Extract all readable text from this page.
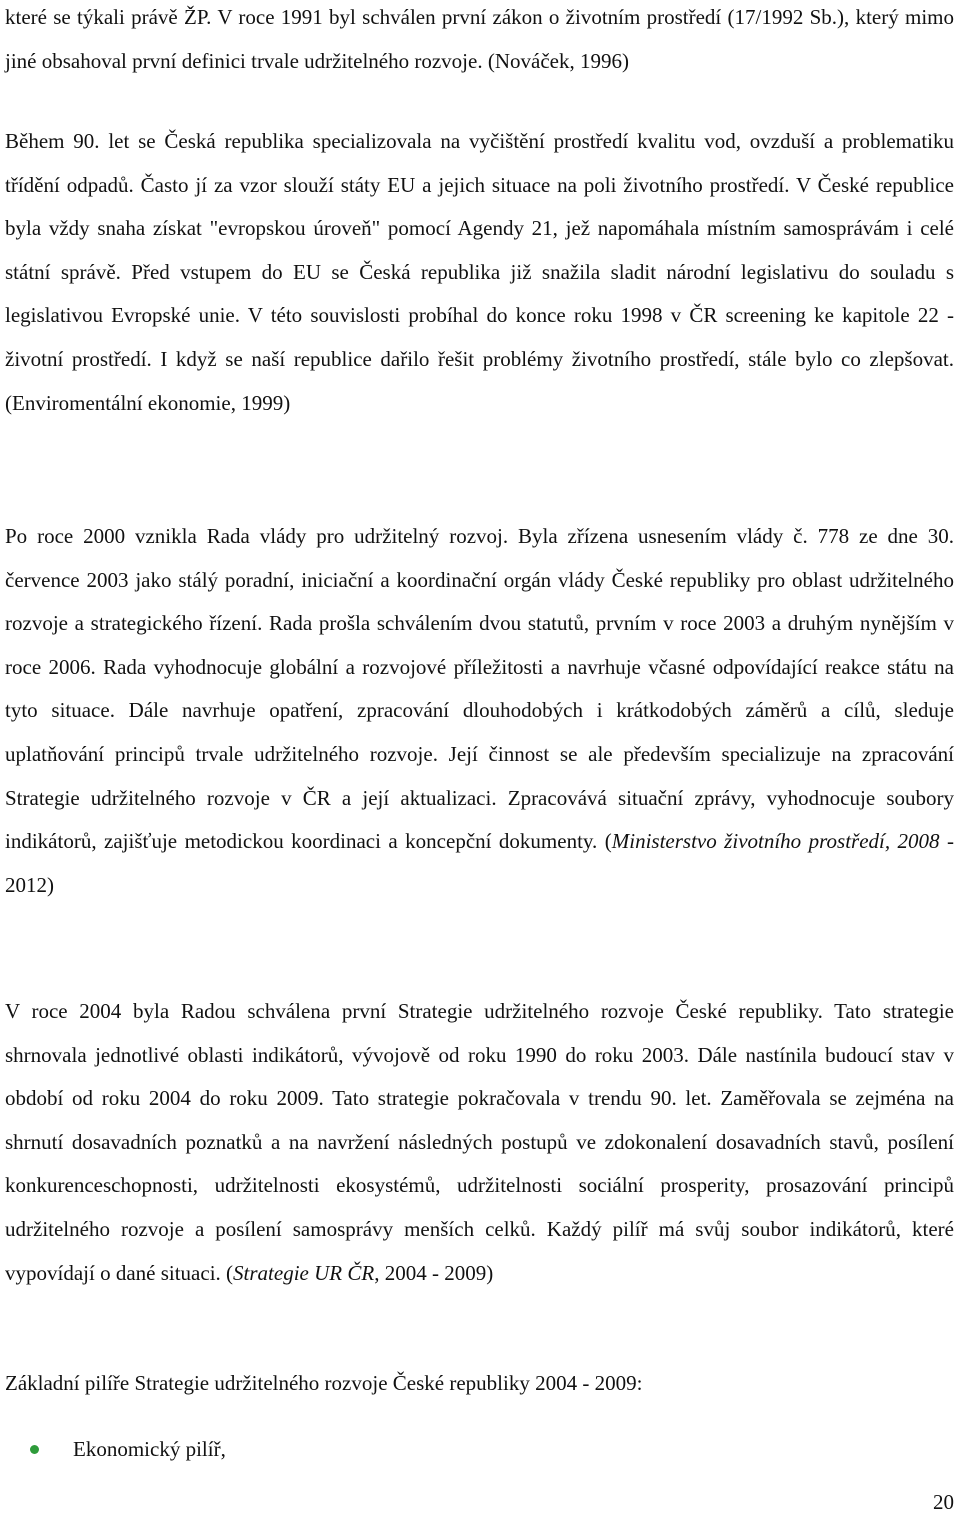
které se týkali právě ŽP. V roce 1991 byl schválen první zákon o životním prostředí (17/1992 Sb.), který mimo jiné obsahoval první definici trvale udržitelného rozvoje. (Nováček, 1996)

Během 90. let se Česká republika specializovala na vyčištění prostředí kvalitu vod, ovzduší a problematiku třídění odpadů. Často jí za vzor slouží státy EU a jejich situace na poli životního prostředí. V České republice byla vždy snaha získat "evropskou úroveň" pomocí Agendy 21, jež napomáhala místním samosprávám i celé státní správě. Před vstupem do EU se Česká republika již snažila sladit národní legislativu do souladu s legislativou Evropské unie. V této souvislosti probíhal do konce roku 1998 v ČR screening ke kapitole 22 - životní prostředí. I když se naší republice dařilo řešit problémy životního prostředí, stále bylo co zlepšovat. (Enviromentální ekonomie, 1999)

Po roce 2000 vznikla Rada vlády pro udržitelný rozvoj. Byla zřízena usnesením vlády č. 778 ze dne 30. července 2003 jako stálý poradní, iniciační a koordinační orgán vlády České republiky pro oblast udržitelného rozvoje a strategického řízení. Rada prošla schválením dvou statutů, prvním v roce 2003 a druhým nynějším v roce 2006. Rada vyhodnocuje globální a rozvojové příležitosti a navrhuje včasné odpovídající reakce státu na tyto situace. Dále navrhuje opatření, zpracování dlouhodobých i krátkodobých záměrů a cílů, sleduje uplatňování principů trvale udržitelného rozvoje. Její činnost se ale především specializuje na zpracování Strategie udržitelného rozvoje v ČR a její aktualizaci. Zpracovává situační zprávy, vyhodnocuje soubory indikátorů, zajišťuje metodickou koordinaci a koncepční dokumenty. (Ministerstvo životního prostředí, 2008 - 2012)

V roce 2004 byla Radou schválena první Strategie udržitelného rozvoje České republiky. Tato strategie shrnovala jednotlivé oblasti indikátorů, vývojově od roku 1990 do roku 2003. Dále nastínila budoucí stav v období od roku 2004 do roku 2009. Tato strategie pokračovala v trendu 90. let. Zaměřovala se zejména na shrnutí dosavadních poznatků a na navržení následných postupů ve zdokonalení dosavadních stavů, posílení konkurenceschopnosti, udržitelnosti ekosystémů, udržitelnosti sociální prosperity, prosazování principů udržitelného rozvoje a posílení samosprávy menších celků. Každý pilíř má svůj soubor indikátorů, které vypovídají o dané situaci. (Strategie UR ČR, 2004 - 2009)

Základní pilíře Strategie udržitelného rozvoje České republiky 2004 - 2009:

Ekonomický pilíř,
20
